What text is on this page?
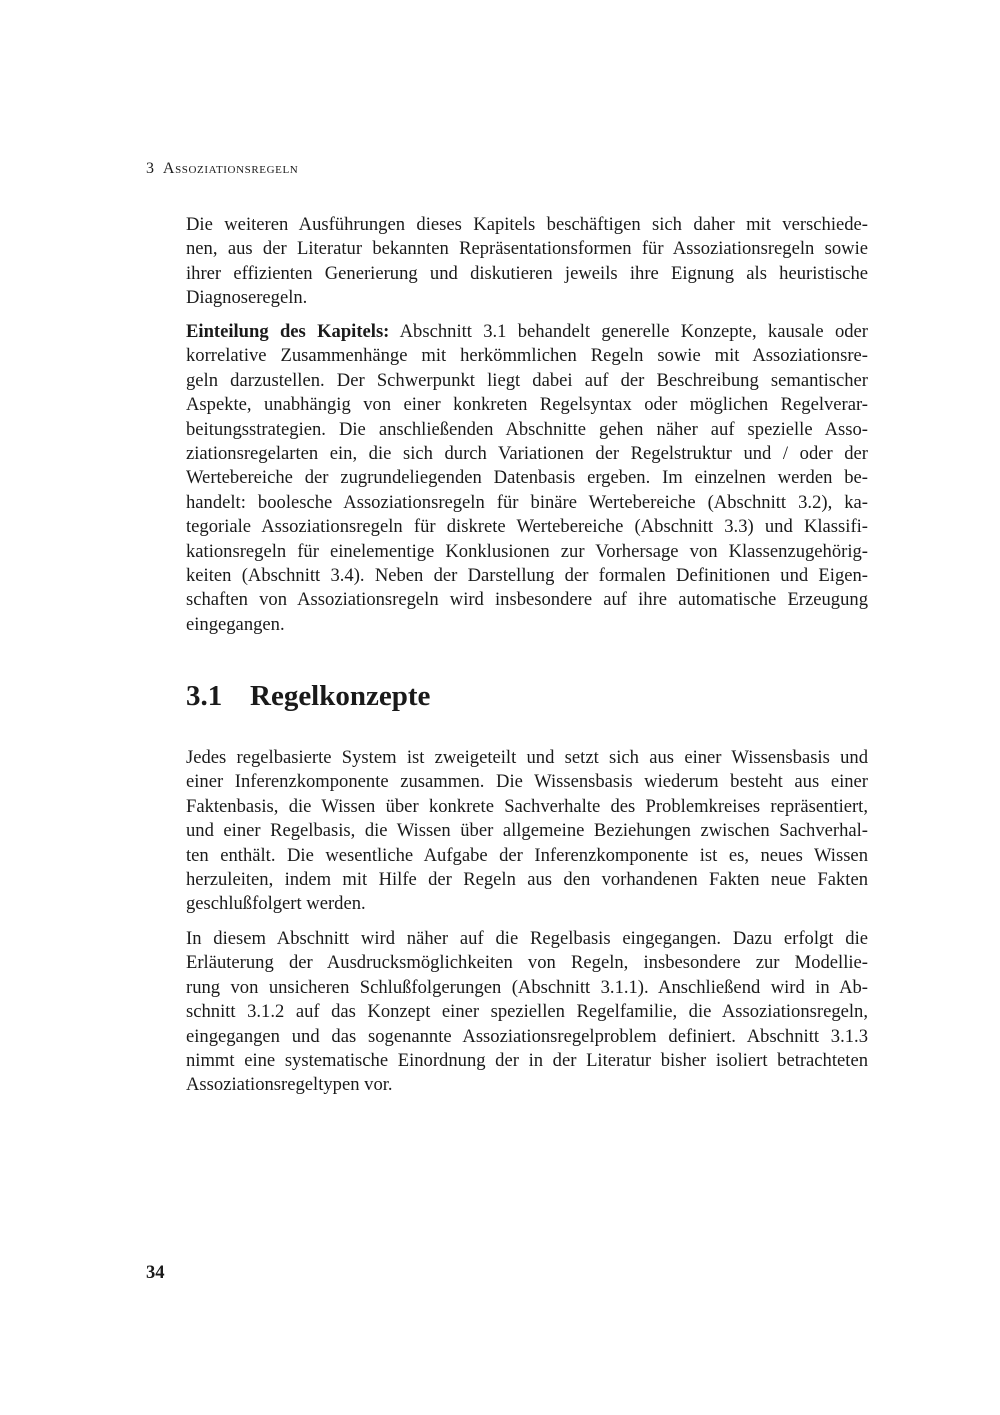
3 Assoziationsregeln

Die weiteren Ausführungen dieses Kapitels beschäftigen sich daher mit verschiede-
nen, aus der Literatur bekannten Repräsentationsformen für Assoziationsregeln sowie
ihrer effizienten Generierung und diskutieren jeweils ihre Eignung als heuristische
Diagnoseregeln.

Einteilung des Kapitels: Abschnitt 3.1 behandelt generelle Konzepte, kausale oder
korrelative Zusammenhänge mit herkömmlichen Regeln sowie mit Assoziationsre-
geln darzustellen. Der Schwerpunkt liegt dabei auf der Beschreibung semantischer
Aspekte, unabhängig von einer konkreten Regelsyntax oder möglichen Regelverar-
beitungsstrategien. Die anschließenden Abschnitte gehen näher auf spezielle Asso-
ziationsregelarten ein, die sich durch Variationen der Regelstruktur und / oder der
Wertebereiche der zugrundeliegenden Datenbasis ergeben. Im einzelnen werden be-
handelt: boolesche Assoziationsregeln für binäre Wertebereiche (Abschnitt 3.2), ka-
tegoriale Assoziationsregeln für diskrete Wertebereiche (Abschnitt 3.3) und Klassifi-
kationsregeln für einelementige Konklusionen zur Vorhersage von Klassenzugehörig-
keiten (Abschnitt 3.4). Neben der Darstellung der formalen Definitionen und Eigen-
schaften von Assoziationsregeln wird insbesondere auf ihre automatische Erzeugung
eingegangen.

3.1 Regelkonzepte

Jedes regelbasierte System ist zweigeteilt und setzt sich aus einer Wissensbasis und
einer Inferenzkomponente zusammen. Die Wissensbasis wiederum besteht aus einer
Faktenbasis, die Wissen über konkrete Sachverhalte des Problemkreises repräsentiert,
und einer Regelbasis, die Wissen über allgemeine Beziehungen zwischen Sachverhal-
ten enthält. Die wesentliche Aufgabe der Inferenzkomponente ist es, neues Wissen
herzuleiten, indem mit Hilfe der Regeln aus den vorhandenen Fakten neue Fakten
geschlußfolgert werden.

In diesem Abschnitt wird näher auf die Regelbasis eingegangen. Dazu erfolgt die
Erläuterung der Ausdrucksmöglichkeiten von Regeln, insbesondere zur Modellie-
rung von unsicheren Schlußfolgerungen (Abschnitt 3.1.1). Anschließend wird in Ab-
schnitt 3.1.2 auf das Konzept einer speziellen Regelfamilie, die Assoziationsregeln,
eingegangen und das sogenannte Assoziationsregelproblem definiert. Abschnitt 3.1.3
nimmt eine systematische Einordnung der in der Literatur bisher isoliert betrachteten
Assoziationsregeltypen vor.

34
